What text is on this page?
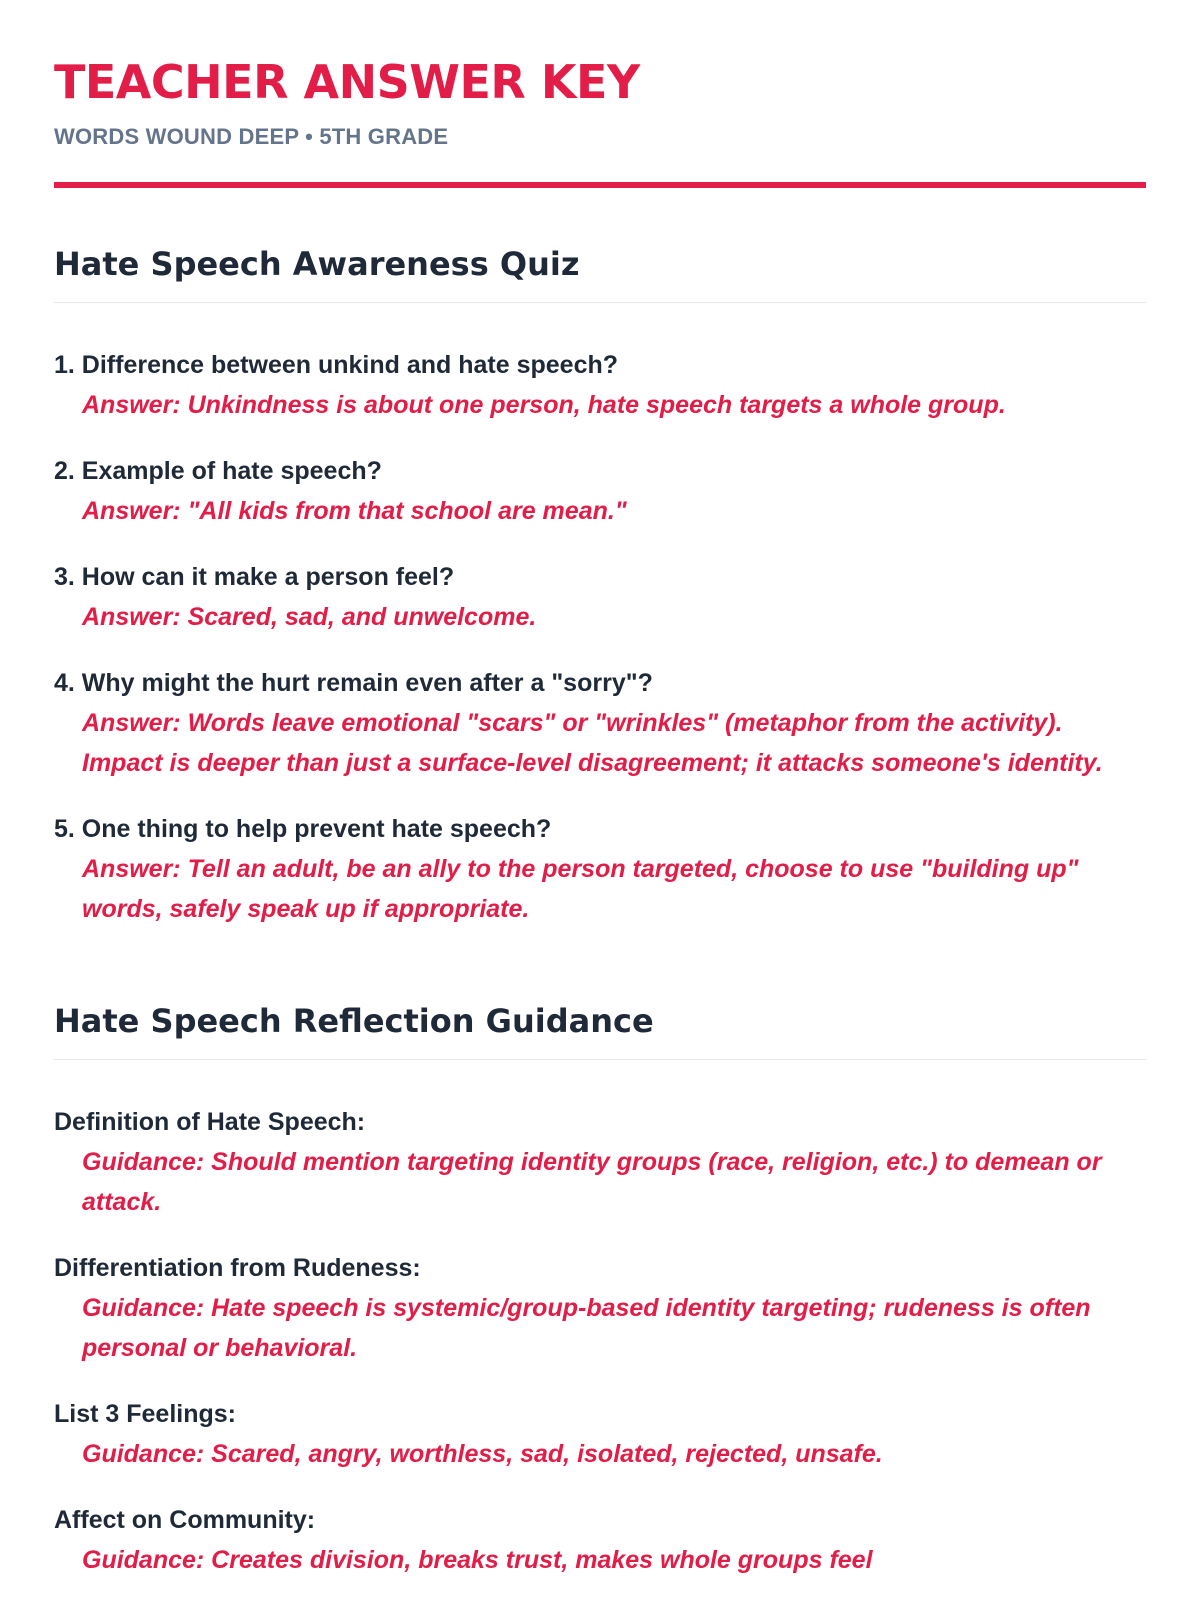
TEACHER ANSWER KEY
WORDS WOUND DEEP • 5TH GRADE
Hate Speech Awareness Quiz
1. Difference between unkind and hate speech?
Answer: Unkindness is about one person, hate speech targets a whole group.
2. Example of hate speech?
Answer: "All kids from that school are mean."
3. How can it make a person feel?
Answer: Scared, sad, and unwelcome.
4. Why might the hurt remain even after a "sorry"?
Answer: Words leave emotional "scars" or "wrinkles" (metaphor from the activity). Impact is deeper than just a surface-level disagreement; it attacks someone's identity.
5. One thing to help prevent hate speech?
Answer: Tell an adult, be an ally to the person targeted, choose to use "building up" words, safely speak up if appropriate.
Hate Speech Reflection Guidance
Definition of Hate Speech:
Guidance: Should mention targeting identity groups (race, religion, etc.) to demean or attack.
Differentiation from Rudeness:
Guidance: Hate speech is systemic/group-based identity targeting; rudeness is often personal or behavioral.
List 3 Feelings:
Guidance: Scared, angry, worthless, sad, isolated, rejected, unsafe.
Affect on Community:
Guidance: Creates division, breaks trust, makes whole groups feel
